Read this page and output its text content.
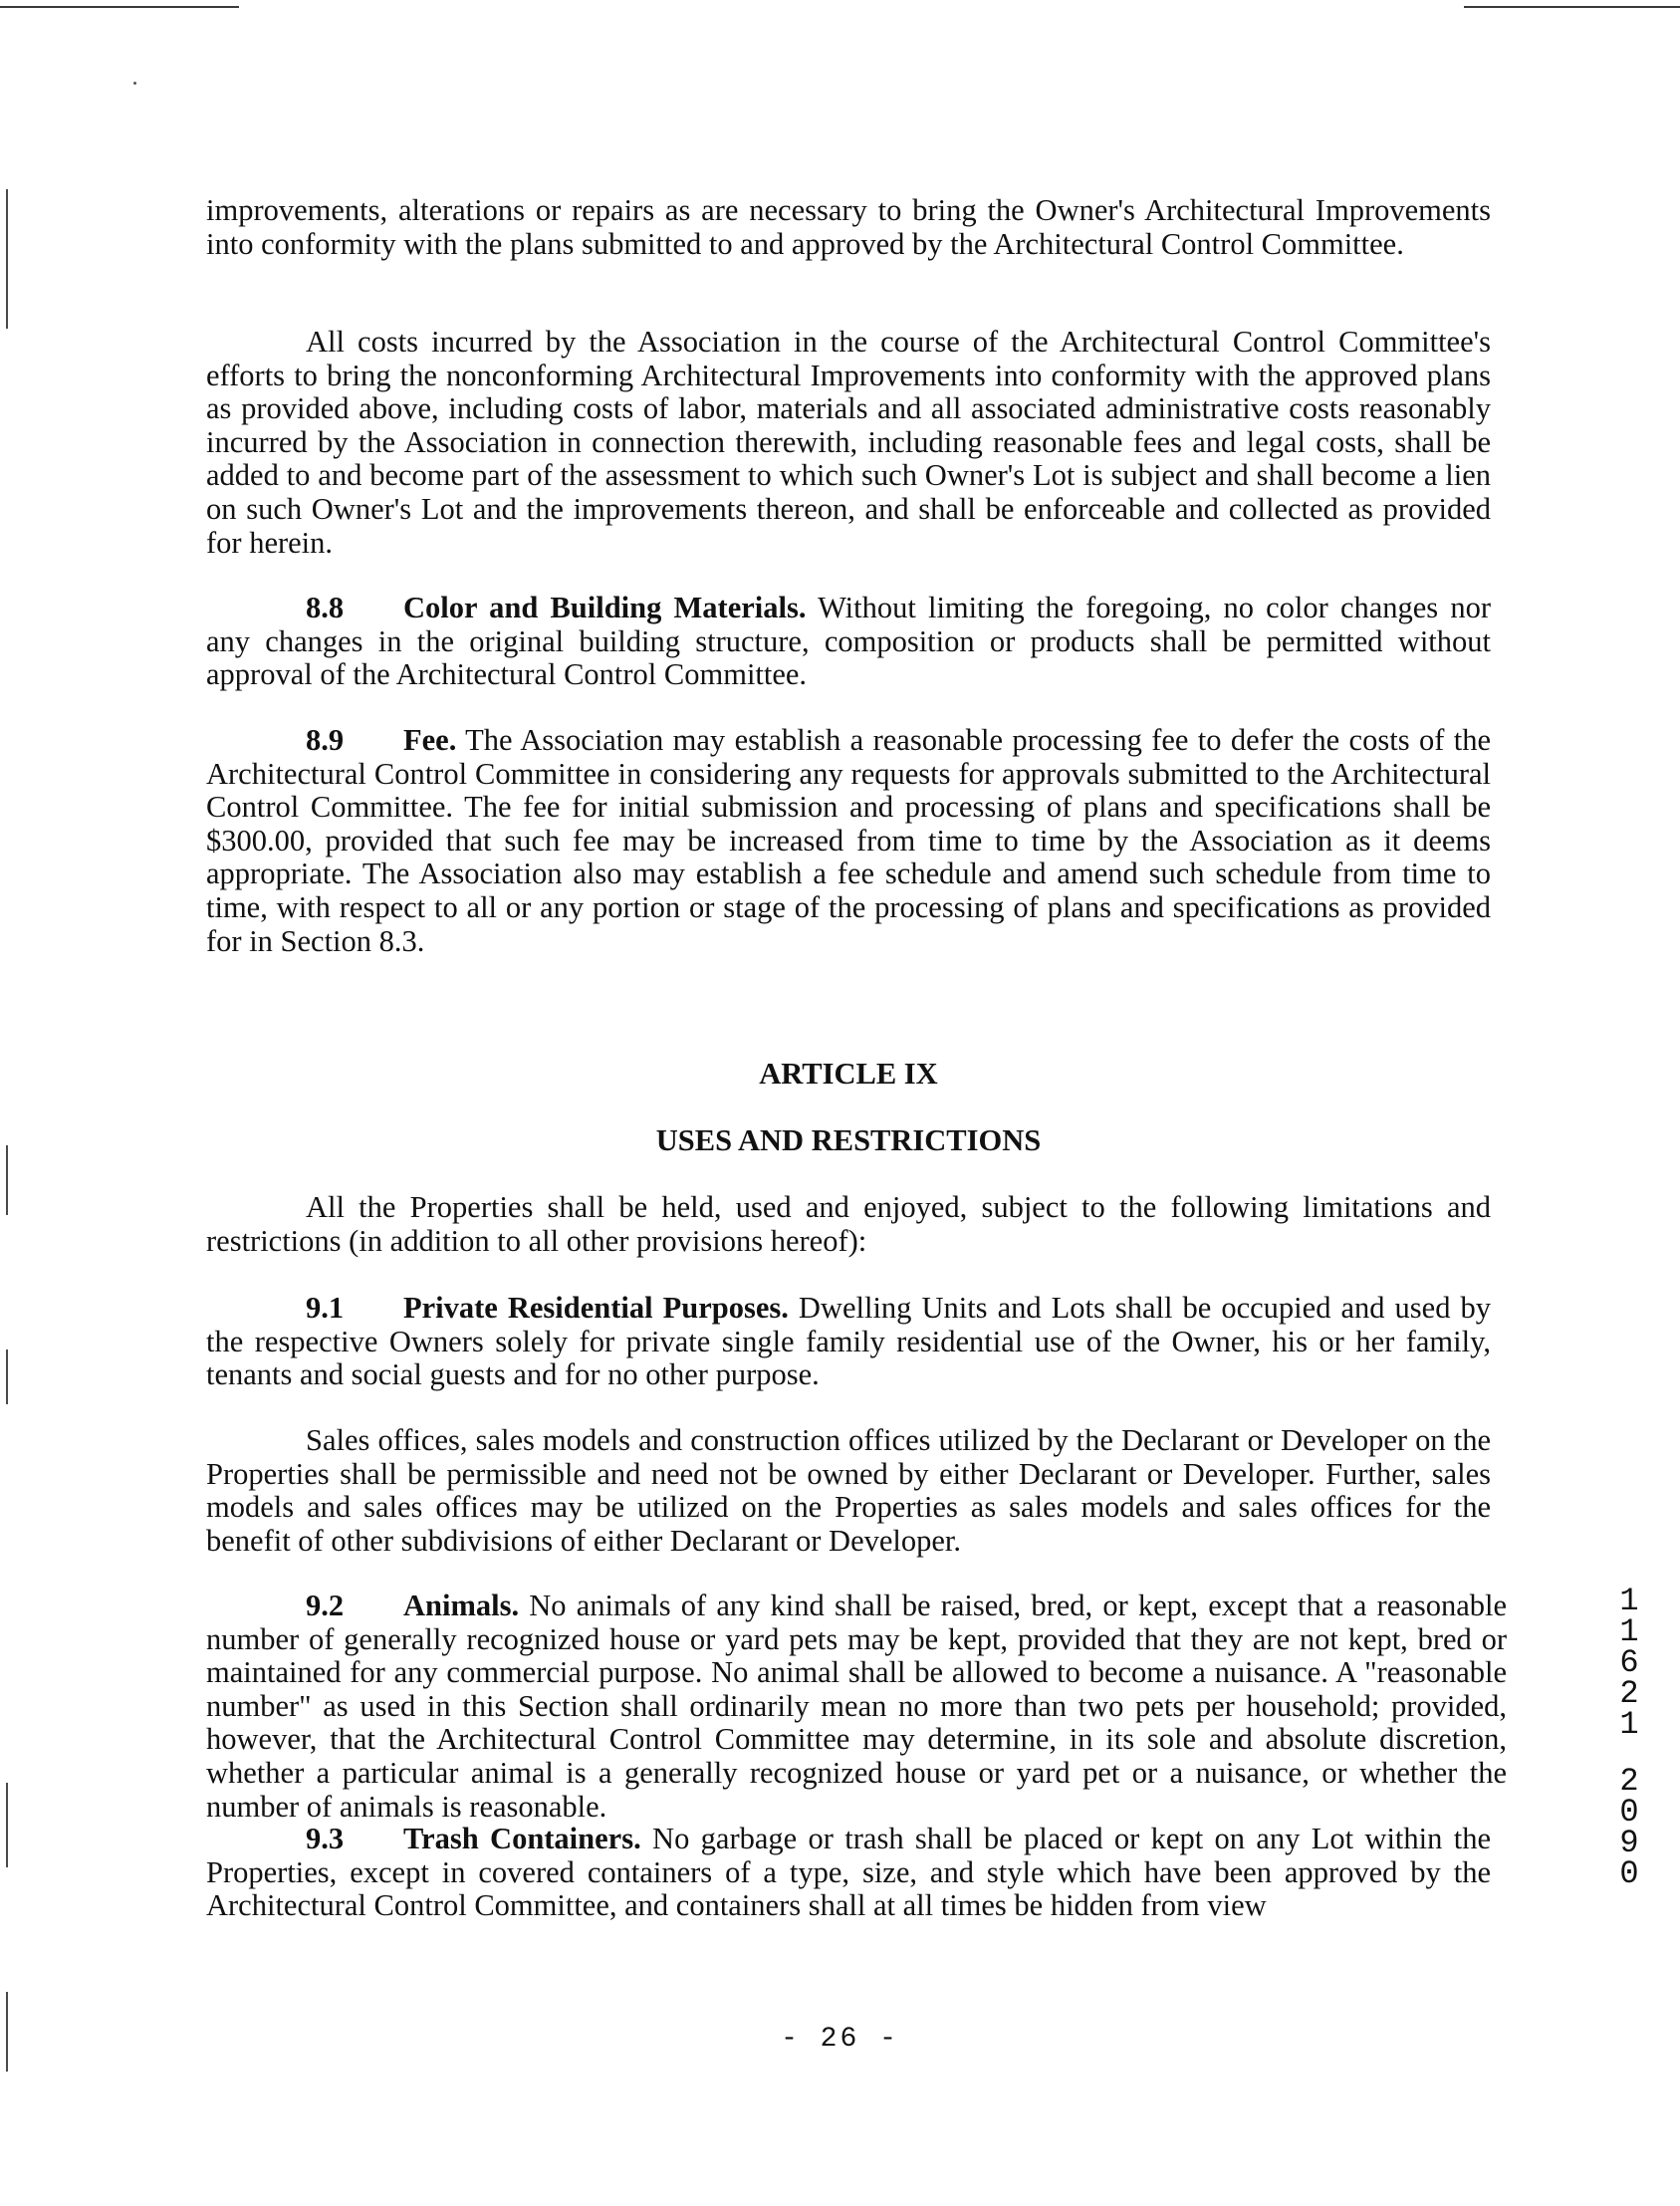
improvements, alterations or repairs as are necessary to bring the Owner's Architectural Improvements into conformity with the plans submitted to and approved by the Architectural Control Committee.

All costs incurred by the Association in the course of the Architectural Control Committee's efforts to bring the nonconforming Architectural Improvements into conformity with the approved plans as provided above, including costs of labor, materials and all associated administrative costs reasonably incurred by the Association in connection therewith, including reasonable fees and legal costs, shall be added to and become part of the assessment to which such Owner's Lot is subject and shall become a lien on such Owner's Lot and the improvements thereon, and shall be enforceable and collected as provided for herein.

8.8 Color and Building Materials. Without limiting the foregoing, no color changes nor any changes in the original building structure, composition or products shall be permitted without approval of the Architectural Control Committee.

8.9 Fee. The Association may establish a reasonable processing fee to defer the costs of the Architectural Control Committee in considering any requests for approvals submitted to the Architectural Control Committee. The fee for initial submission and processing of plans and specifications shall be $300.00, provided that such fee may be increased from time to time by the Association as it deems appropriate. The Association also may establish a fee schedule and amend such schedule from time to time, with respect to all or any portion or stage of the processing of plans and specifications as provided for in Section 8.3.

ARTICLE IX

USES AND RESTRICTIONS

All the Properties shall be held, used and enjoyed, subject to the following limitations and restrictions (in addition to all other provisions hereof):

9.1 Private Residential Purposes. Dwelling Units and Lots shall be occupied and used by the respective Owners solely for private single family residential use of the Owner, his or her family, tenants and social guests and for no other purpose.

Sales offices, sales models and construction offices utilized by the Declarant or Developer on the Properties shall be permissible and need not be owned by either Declarant or Developer. Further, sales models and sales offices may be utilized on the Properties as sales models and sales offices for the benefit of other subdivisions of either Declarant or Developer.

9.2 Animals. No animals of any kind shall be raised, bred, or kept, except that a reasonable number of generally recognized house or yard pets may be kept, provided that they are not kept, bred or maintained for any commercial purpose. No animal shall be allowed to become a nuisance. A "reasonable number" as used in this Section shall ordinarily mean no more than two pets per household; provided, however, that the Architectural Control Committee may determine, in its sole and absolute discretion, whether a particular animal is a generally recognized house or yard pet or a nuisance, or whether the number of animals is reasonable.

9.3 Trash Containers. No garbage or trash shall be placed or kept on any Lot within the Properties, except in covered containers of a type, size, and style which have been approved by the Architectural Control Committee, and containers shall at all times be hidden from view

- 26 -
1
1
6
2
1
2
0
9
0
